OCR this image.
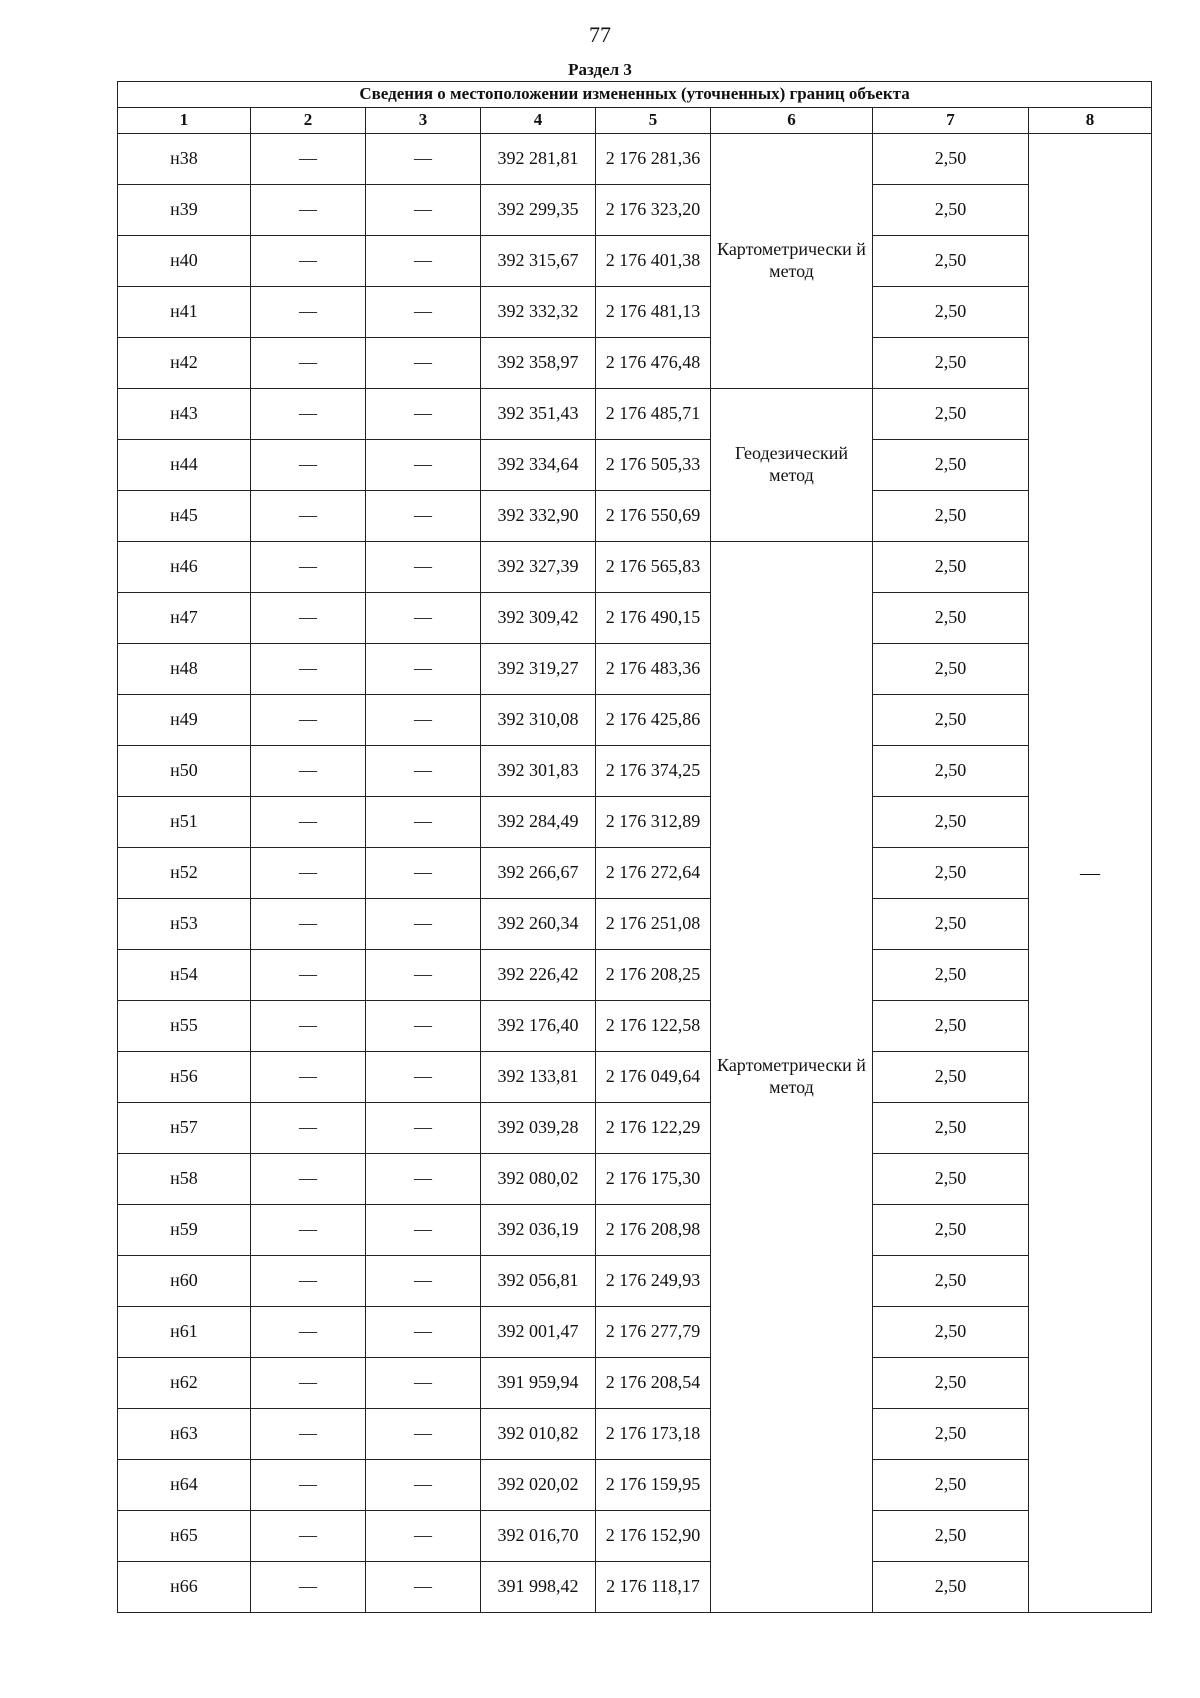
77
Раздел 3
Сведения о местоположении измененных (уточненных) границ объекта							
1	2	3	4	5	6	7	8
н38	—	—	392 281,81	2 176 281,36	Картометрически й метод	2,50	—
н39	—	—	392 299,35	2 176 323,20		2,50	
н40	—	—	392 315,67	2 176 401,38		2,50	
н41	—	—	392 332,32	2 176 481,13		2,50	
н42	—	—	392 358,97	2 176 476,48		2,50	
н43	—	—	392 351,43	2 176 485,71	Геодезический метод	2,50	
н44	—	—	392 334,64	2 176 505,33		2,50	
н45	—	—	392 332,90	2 176 550,69		2,50	
н46	—	—	392 327,39	2 176 565,83	Картометрически й метод	2,50	
н47	—	—	392 309,42	2 176 490,15		2,50	
н48	—	—	392 319,27	2 176 483,36		2,50	
н49	—	—	392 310,08	2 176 425,86		2,50	
н50	—	—	392 301,83	2 176 374,25		2,50	
н51	—	—	392 284,49	2 176 312,89		2,50	
н52	—	—	392 266,67	2 176 272,64		2,50	
н53	—	—	392 260,34	2 176 251,08		2,50	
н54	—	—	392 226,42	2 176 208,25		2,50	
н55	—	—	392 176,40	2 176 122,58		2,50	
н56	—	—	392 133,81	2 176 049,64		2,50	
н57	—	—	392 039,28	2 176 122,29		2,50	
н58	—	—	392 080,02	2 176 175,30		2,50	
н59	—	—	392 036,19	2 176 208,98		2,50	
н60	—	—	392 056,81	2 176 249,93		2,50	
н61	—	—	392 001,47	2 176 277,79		2,50	
н62	—	—	391 959,94	2 176 208,54		2,50	
н63	—	—	392 010,82	2 176 173,18		2,50	
н64	—	—	392 020,02	2 176 159,95		2,50	
н65	—	—	392 016,70	2 176 152,90		2,50	
н66	—	—	391 998,42	2 176 118,17		2,50	
